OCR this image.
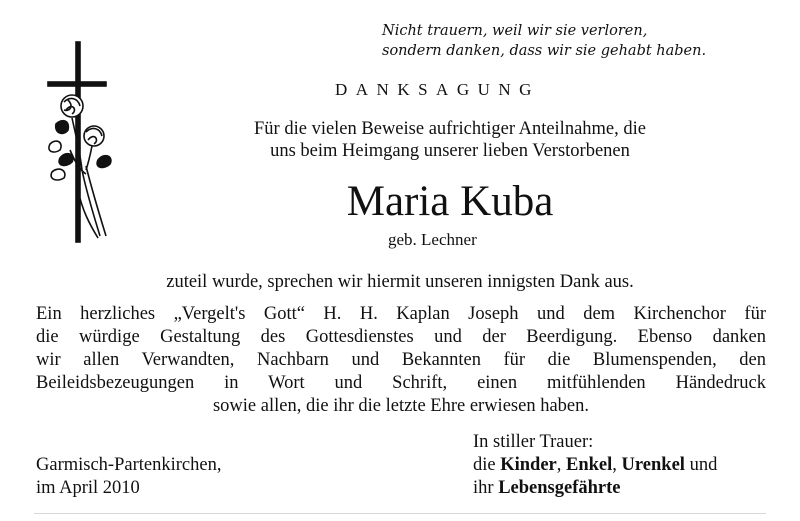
Nicht trauern, weil wir sie verloren,
sondern danken, dass wir sie gehabt haben.
DANKSAGUNG
Für die vielen Beweise aufrichtiger Anteilnahme, die
uns beim Heimgang unserer lieben Verstorbenen
Maria Kuba
geb. Lechner
zuteil wurde, sprechen wir hiermit unseren innigsten Dank aus.
Ein herzliches „Vergelt's Gott“ H. H. Kaplan Joseph und dem Kirchenchor für
die würdige Gestaltung des Gottesdienstes und der Beerdigung. Ebenso danken
wir allen Verwandten, Nachbarn und Bekannten für die Blumenspenden, den
Beileidsbezeugungen in Wort und Schrift, einen mitfühlenden Händedruck
sowie allen, die ihr die letzte Ehre erwiesen haben.
Garmisch-Partenkirchen,
im April 2010
In stiller Trauer:
die Kinder, Enkel, Urenkel und
ihr Lebensgefährte
